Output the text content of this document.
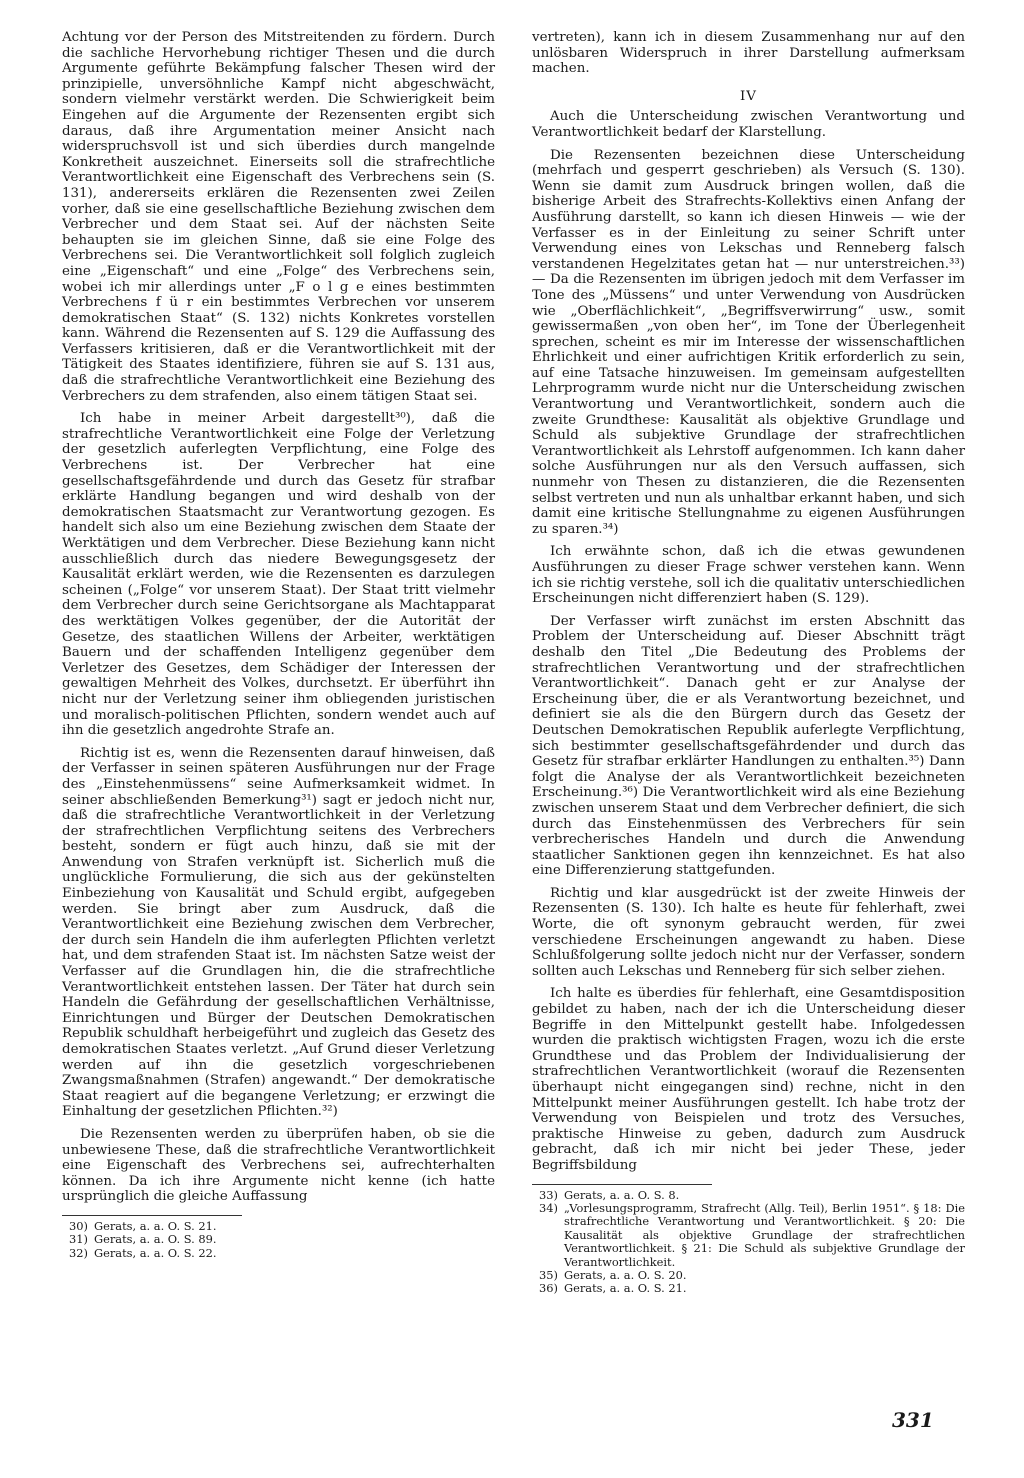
Achtung vor der Person des Mitstreitenden zu fördern. Durch die sachliche Hervorhebung richtiger Thesen und die durch Argumente geführte Bekämpfung falscher Thesen wird der prinzipielle, unversöhnliche Kampf nicht abgeschwächt, sondern vielmehr verstärkt werden. Die Schwierigkeit beim Eingehen auf die Argumente der Rezensenten ergibt sich daraus, daß ihre Argumentation meiner Ansicht nach widerspruchsvoll ist und sich überdies durch mangelnde Konkretheit auszeichnet. Einerseits soll die strafrechtliche Verantwortlichkeit eine Eigenschaft des Verbrechens sein (S. 131), andererseits erklären die Rezensenten zwei Zeilen vorher, daß sie eine gesellschaftliche Beziehung zwischen dem Verbrecher und dem Staat sei. Auf der nächsten Seite behaupten sie im gleichen Sinne, daß sie eine Folge des Verbrechens sei. Die Verantwortlichkeit soll folglich zugleich eine „Eigenschaft“ und eine „Folge“ des Verbrechens sein, wobei ich mir allerdings unter „F o l g e eines bestimmten Verbrechens f ü r ein bestimmtes Verbrechen vor unserem demokratischen Staat“ (S. 132) nichts Konkretes vorstellen kann. Während die Rezensenten auf S. 129 die Auffassung des Verfassers kritisieren, daß er die Verantwortlichkeit mit der Tätigkeit des Staates identifiziere, führen sie auf S. 131 aus, daß die strafrechtliche Verantwortlichkeit eine Beziehung des Verbrechers zu dem strafenden, also einem tätigen Staat sei.

Ich habe in meiner Arbeit dargestellt³⁰), daß die strafrechtliche Verantwortlichkeit eine Folge der Verletzung der gesetzlich auferlegten Verpflichtung, eine Folge des Verbrechens ist. Der Verbrecher hat eine gesellschaftsgefährdende und durch das Gesetz für strafbar erklärte Handlung begangen und wird deshalb von der demokratischen Staatsmacht zur Verantwortung gezogen. Es handelt sich also um eine Beziehung zwischen dem Staate der Werktätigen und dem Verbrecher. Diese Beziehung kann nicht ausschließlich durch das niedere Bewegungsgesetz der Kausalität erklärt werden, wie die Rezensenten es darzulegen scheinen („Folge“ vor unserem Staat). Der Staat tritt vielmehr dem Verbrecher durch seine Gerichtsorgane als Machtapparat des werktätigen Volkes gegenüber, der die Autorität der Gesetze, des staatlichen Willens der Arbeiter, werktätigen Bauern und der schaffenden Intelligenz gegenüber dem Verletzer des Gesetzes, dem Schädiger der Interessen der gewaltigen Mehrheit des Volkes, durchsetzt. Er überführt ihn nicht nur der Verletzung seiner ihm obliegenden juristischen und moralisch-politischen Pflichten, sondern wendet auch auf ihn die gesetzlich angedrohte Strafe an.

Richtig ist es, wenn die Rezensenten darauf hinweisen, daß der Verfasser in seinen späteren Ausführungen nur der Frage des „Einstehenmüssens“ seine Aufmerksamkeit widmet. In seiner abschließenden Bemerkung³¹) sagt er jedoch nicht nur, daß die strafrechtliche Verantwortlichkeit in der Verletzung der strafrechtlichen Verpflichtung seitens des Verbrechers besteht, sondern er fügt auch hinzu, daß sie mit der Anwendung von Strafen verknüpft ist. Sicherlich muß die unglückliche Formulierung, die sich aus der gekünstelten Einbeziehung von Kausalität und Schuld ergibt, aufgegeben werden. Sie bringt aber zum Ausdruck, daß die Verantwortlichkeit eine Beziehung zwischen dem Verbrecher, der durch sein Handeln die ihm auferlegten Pflichten verletzt hat, und dem strafenden Staat ist. Im nächsten Satze weist der Verfasser auf die Grundlagen hin, die die strafrechtliche Verantwortlichkeit entstehen lassen. Der Täter hat durch sein Handeln die Gefährdung der gesellschaftlichen Verhältnisse, Einrichtungen und Bürger der Deutschen Demokratischen Republik schuldhaft herbeigeführt und zugleich das Gesetz des demokratischen Staates verletzt. „Auf Grund dieser Verletzung werden auf ihn die gesetzlich vorgeschriebenen Zwangsmaßnahmen (Strafen) angewandt.“ Der demokratische Staat reagiert auf die begangene Verletzung; er erzwingt die Einhaltung der gesetzlichen Pflichten.³²)

Die Rezensenten werden zu überprüfen haben, ob sie die unbewiesene These, daß die strafrechtliche Verantwortlichkeit eine Eigenschaft des Verbrechens sei, aufrechterhalten können. Da ich ihre Argumente nicht kenne (ich hatte ursprünglich die gleiche Auffassung

30) Gerats, a. a. O. S. 21.
31) Gerats, a. a. O. S. 89.
32) Gerats, a. a. O. S. 22.

vertreten), kann ich in diesem Zusammenhang nur auf den unlösbaren Widerspruch in ihrer Darstellung aufmerksam machen.

IV

Auch die Unterscheidung zwischen Verantwortung und Verantwortlichkeit bedarf der Klarstellung.

Die Rezensenten bezeichnen diese Unterscheidung (mehrfach und gesperrt geschrieben) als Versuch (S. 130). Wenn sie damit zum Ausdruck bringen wollen, daß die bisherige Arbeit des Strafrechts-Kollektivs einen Anfang der Ausführung darstellt, so kann ich diesen Hinweis — wie der Verfasser es in der Einleitung zu seiner Schrift unter Verwendung eines von Lekschas und Renneberg falsch verstandenen Hegelzitates getan hat — nur unterstreichen.³³) — Da die Rezensenten im übrigen jedoch mit dem Verfasser im Tone des „Müssens“ und unter Verwendung von Ausdrücken wie „Oberflächlichkeit“, „Begriffsverwirrung“ usw., somit gewissermaßen „von oben her“, im Tone der Überlegenheit sprechen, scheint es mir im Interesse der wissenschaftlichen Ehrlichkeit und einer aufrichtigen Kritik erforderlich zu sein, auf eine Tatsache hinzuweisen. Im gemeinsam aufgestellten Lehrprogramm wurde nicht nur die Unterscheidung zwischen Verantwortung und Verantwortlichkeit, sondern auch die zweite Grundthese: Kausalität als objektive Grundlage und Schuld als subjektive Grundlage der strafrechtlichen Verantwortlichkeit als Lehrstoff aufgenommen. Ich kann daher solche Ausführungen nur als den Versuch auffassen, sich nunmehr von Thesen zu distanzieren, die die Rezensenten selbst vertreten und nun als unhaltbar erkannt haben, und sich damit eine kritische Stellungnahme zu eigenen Ausführungen zu sparen.³⁴)

Ich erwähnte schon, daß ich die etwas gewundenen Ausführungen zu dieser Frage schwer verstehen kann. Wenn ich sie richtig verstehe, soll ich die qualitativ unterschiedlichen Erscheinungen nicht differenziert haben (S. 129).

Der Verfasser wirft zunächst im ersten Abschnitt das Problem der Unterscheidung auf. Dieser Abschnitt trägt deshalb den Titel „Die Bedeutung des Problems der strafrechtlichen Verantwortung und der strafrechtlichen Verantwortlichkeit“. Danach geht er zur Analyse der Erscheinung über, die er als Verantwortung bezeichnet, und definiert sie als die den Bürgern durch das Gesetz der Deutschen Demokratischen Republik auferlegte Verpflichtung, sich bestimmter gesellschaftsgefährdender und durch das Gesetz für strafbar erklärter Handlungen zu enthalten.³⁵) Dann folgt die Analyse der als Verantwortlichkeit bezeichneten Erscheinung.³⁶) Die Verantwortlichkeit wird als eine Beziehung zwischen unserem Staat und dem Verbrecher definiert, die sich durch das Einstehenmüssen des Verbrechers für sein verbrecherisches Handeln und durch die Anwendung staatlicher Sanktionen gegen ihn kennzeichnet. Es hat also eine Differenzierung stattgefunden.

Richtig und klar ausgedrückt ist der zweite Hinweis der Rezensenten (S. 130). Ich halte es heute für fehlerhaft, zwei Worte, die oft synonym gebraucht werden, für zwei verschiedene Erscheinungen angewandt zu haben. Diese Schlußfolgerung sollte jedoch nicht nur der Verfasser, sondern sollten auch Lekschas und Renneberg für sich selber ziehen.

Ich halte es überdies für fehlerhaft, eine Gesamtdisposition gebildet zu haben, nach der ich die Unterscheidung dieser Begriffe in den Mittelpunkt gestellt habe. Infolgedessen wurden die praktisch wichtigsten Fragen, wozu ich die erste Grundthese und das Problem der Individualisierung der strafrechtlichen Verantwortlichkeit (worauf die Rezensenten überhaupt nicht eingegangen sind) rechne, nicht in den Mittelpunkt meiner Ausführungen gestellt. Ich habe trotz der Verwendung von Beispielen und trotz des Versuches, praktische Hinweise zu geben, dadurch zum Ausdruck gebracht, daß ich mir nicht bei jeder These, jeder Begriffsbildung

33) Gerats, a. a. O. S. 8.
34) „Vorlesungsprogramm, Strafrecht (Allg. Teil), Berlin 1951“. § 18: Die strafrechtliche Verantwortung und Verantwortlichkeit. § 20: Die Kausalität als objektive Grundlage der strafrechtlichen Verantwortlichkeit. § 21: Die Schuld als subjektive Grundlage der Verantwortlichkeit.
35) Gerats, a. a. O. S. 20.
36) Gerats, a. a. O. S. 21.
331
